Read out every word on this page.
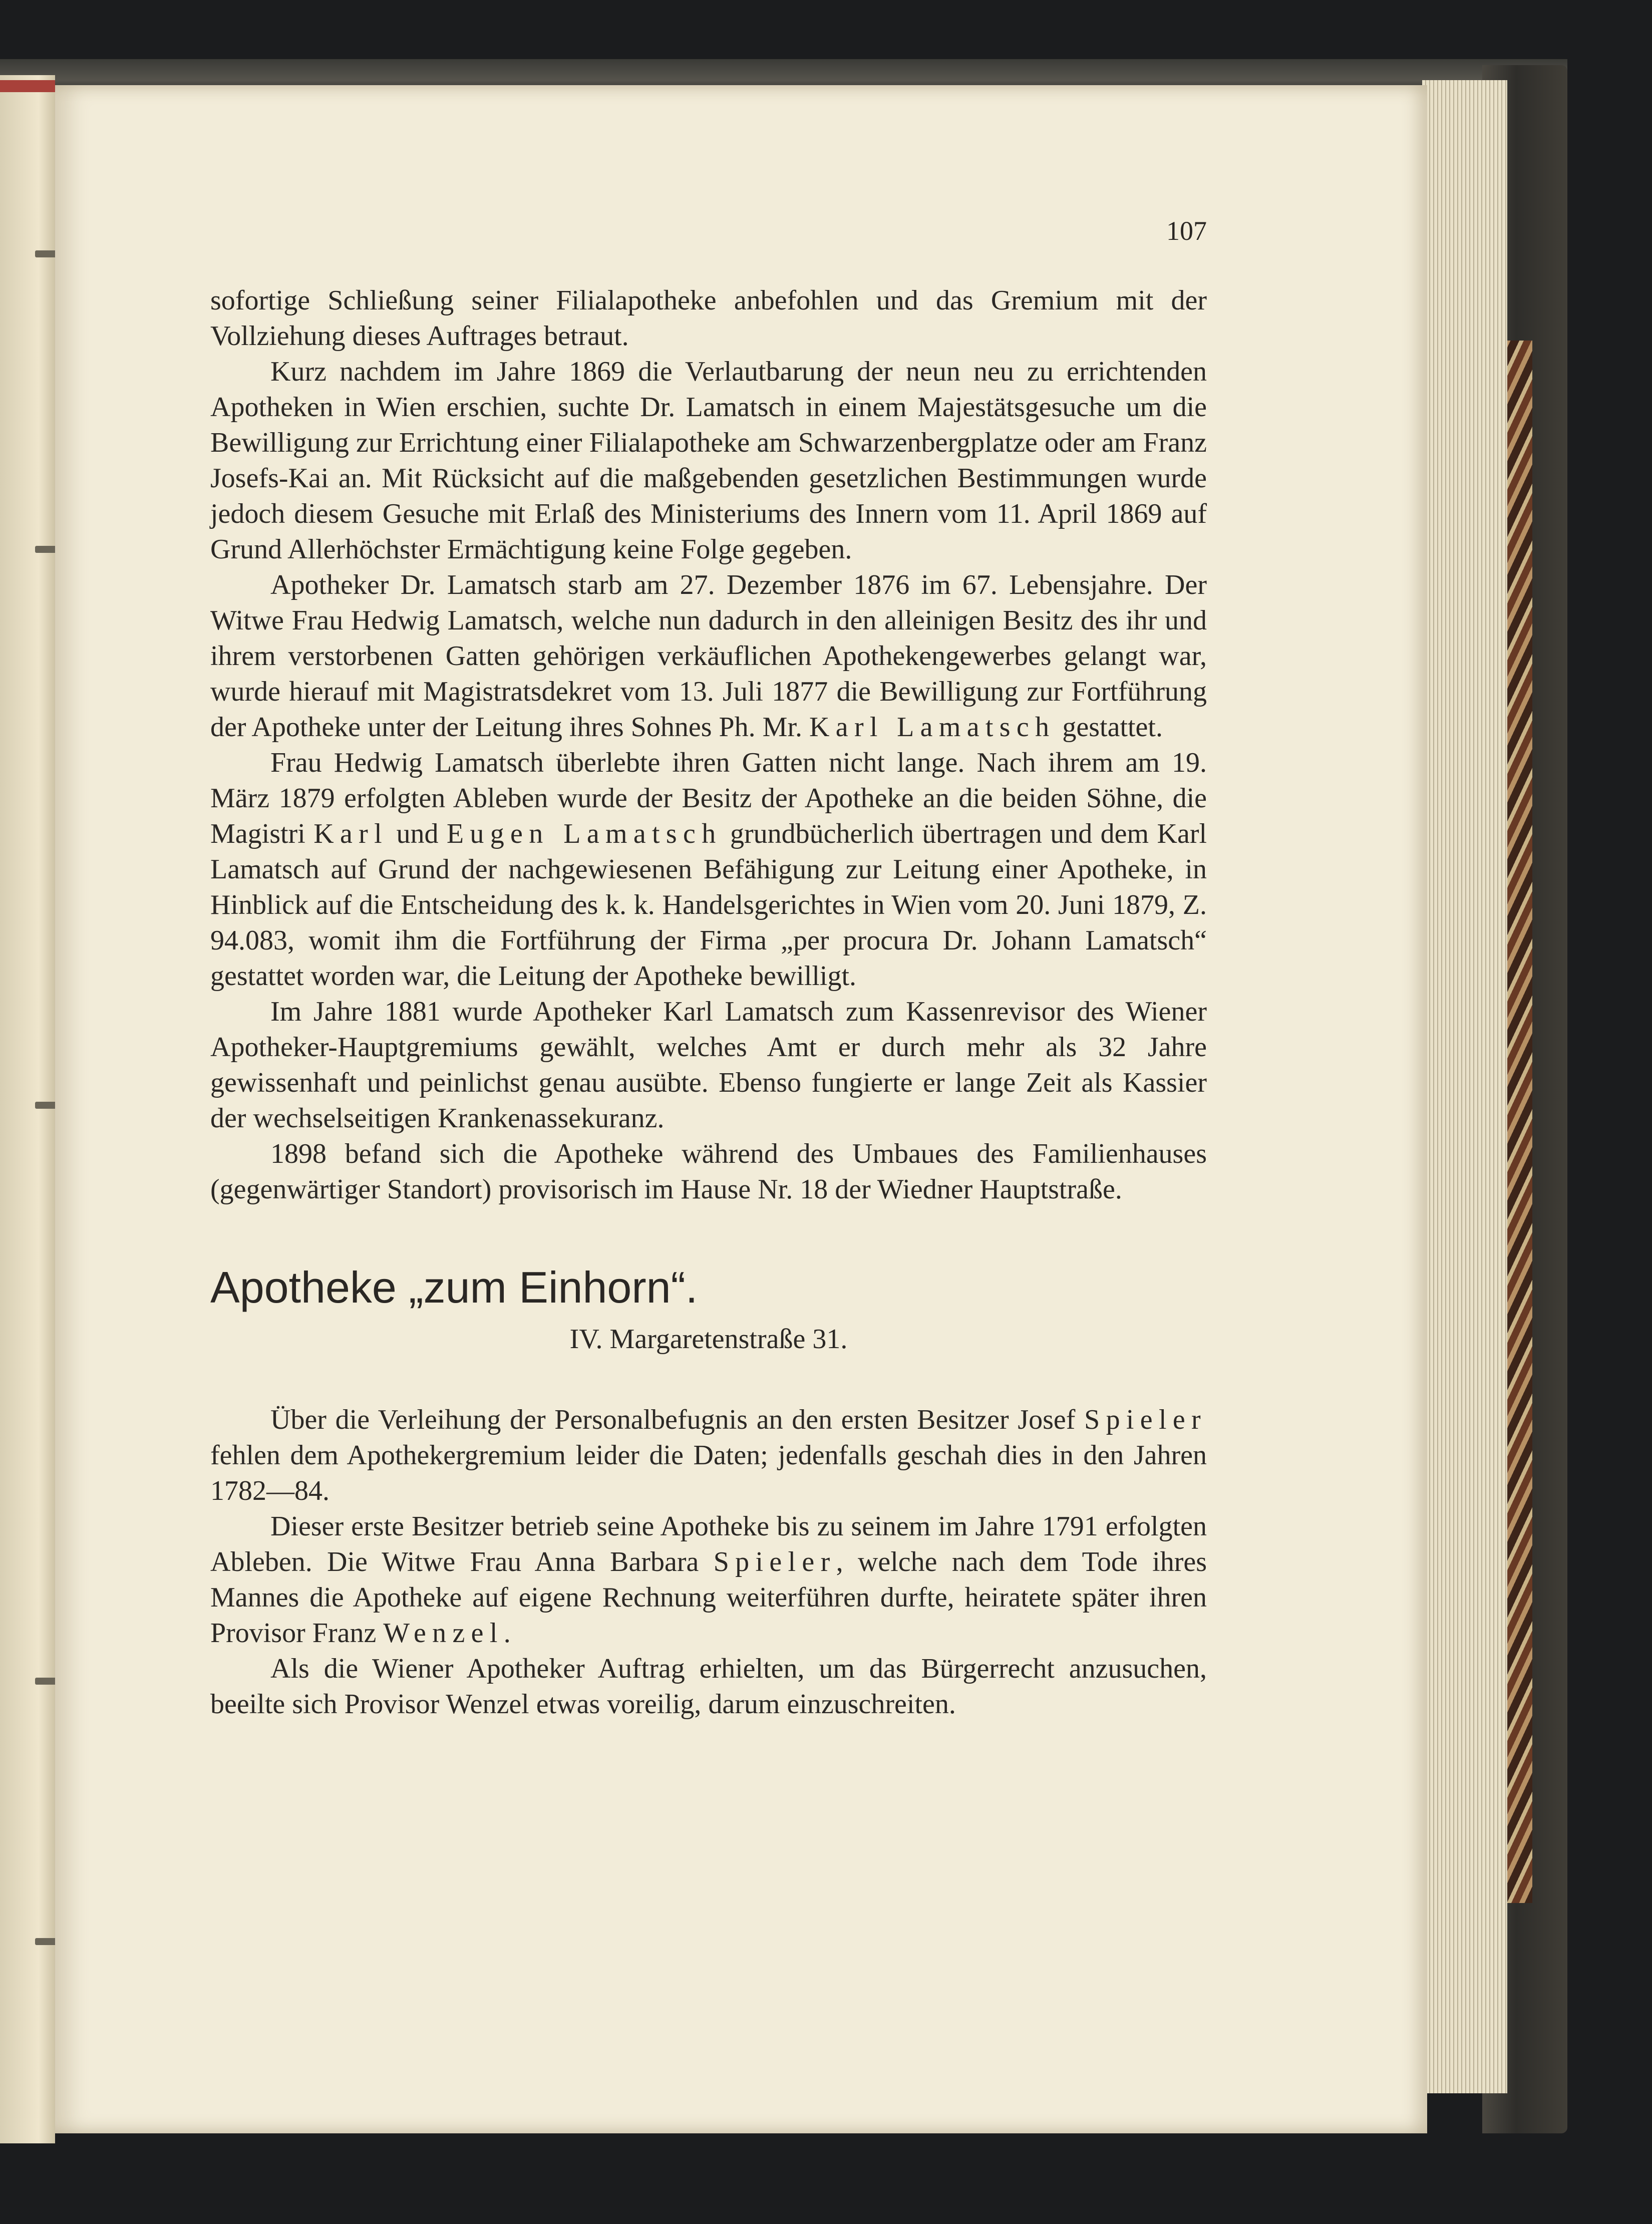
107

sofortige Schließung seiner Filialapotheke anbefohlen und das Gremium mit der Vollziehung dieses Auftrages betraut.

Kurz nachdem im Jahre 1869 die Verlautbarung der neun neu zu errichtenden Apotheken in Wien erschien, suchte Dr. Lamatsch in einem Majestätsgesuche um die Bewilligung zur Errichtung einer Filialapotheke am Schwarzenbergplatze oder am Franz Josefs-Kai an. Mit Rücksicht auf die maßgebenden gesetzlichen Bestimmungen wurde jedoch diesem Gesuche mit Erlaß des Ministeriums des Innern vom 11. April 1869 auf Grund Allerhöchster Ermächtigung keine Folge gegeben.

Apotheker Dr. Lamatsch starb am 27. Dezember 1876 im 67. Lebensjahre. Der Witwe Frau Hedwig Lamatsch, welche nun dadurch in den alleinigen Besitz des ihr und ihrem verstorbenen Gatten gehörigen verkäuflichen Apothekengewerbes gelangt war, wurde hierauf mit Magistratsdekret vom 13. Juli 1877 die Bewilligung zur Fortführung der Apotheke unter der Leitung ihres Sohnes Ph. Mr. Karl Lamatsch gestattet.

Frau Hedwig Lamatsch überlebte ihren Gatten nicht lange. Nach ihrem am 19. März 1879 erfolgten Ableben wurde der Besitz der Apotheke an die beiden Söhne, die Magistri Karl und Eugen Lamatsch grundbücherlich übertragen und dem Karl Lamatsch auf Grund der nachgewiesenen Befähigung zur Leitung einer Apotheke, in Hinblick auf die Entscheidung des k. k. Handelsgerichtes in Wien vom 20. Juni 1879, Z. 94.083, womit ihm die Fortführung der Firma „per procura Dr. Johann Lamatsch“ gestattet worden war, die Leitung der Apotheke bewilligt.

Im Jahre 1881 wurde Apotheker Karl Lamatsch zum Kassenrevisor des Wiener Apotheker-Hauptgremiums gewählt, welches Amt er durch mehr als 32 Jahre gewissenhaft und peinlichst genau ausübte. Ebenso fungierte er lange Zeit als Kassier der wechselseitigen Krankenassekuranz.

1898 befand sich die Apotheke während des Umbaues des Familienhauses (gegenwärtiger Standort) provisorisch im Hause Nr. 18 der Wiedner Hauptstraße.

Apotheke „zum Einhorn“.

IV. Margaretenstraße 31.

Über die Verleihung der Personalbefugnis an den ersten Besitzer Josef Spieler fehlen dem Apothekergremium leider die Daten; jedenfalls geschah dies in den Jahren 1782—84.

Dieser erste Besitzer betrieb seine Apotheke bis zu seinem im Jahre 1791 erfolgten Ableben. Die Witwe Frau Anna Barbara Spieler, welche nach dem Tode ihres Mannes die Apotheke auf eigene Rechnung weiterführen durfte, heiratete später ihren Provisor Franz Wenzel.

Als die Wiener Apotheker Auftrag erhielten, um das Bürgerrecht anzusuchen, beeilte sich Provisor Wenzel etwas voreilig, darum einzuschreiten.
